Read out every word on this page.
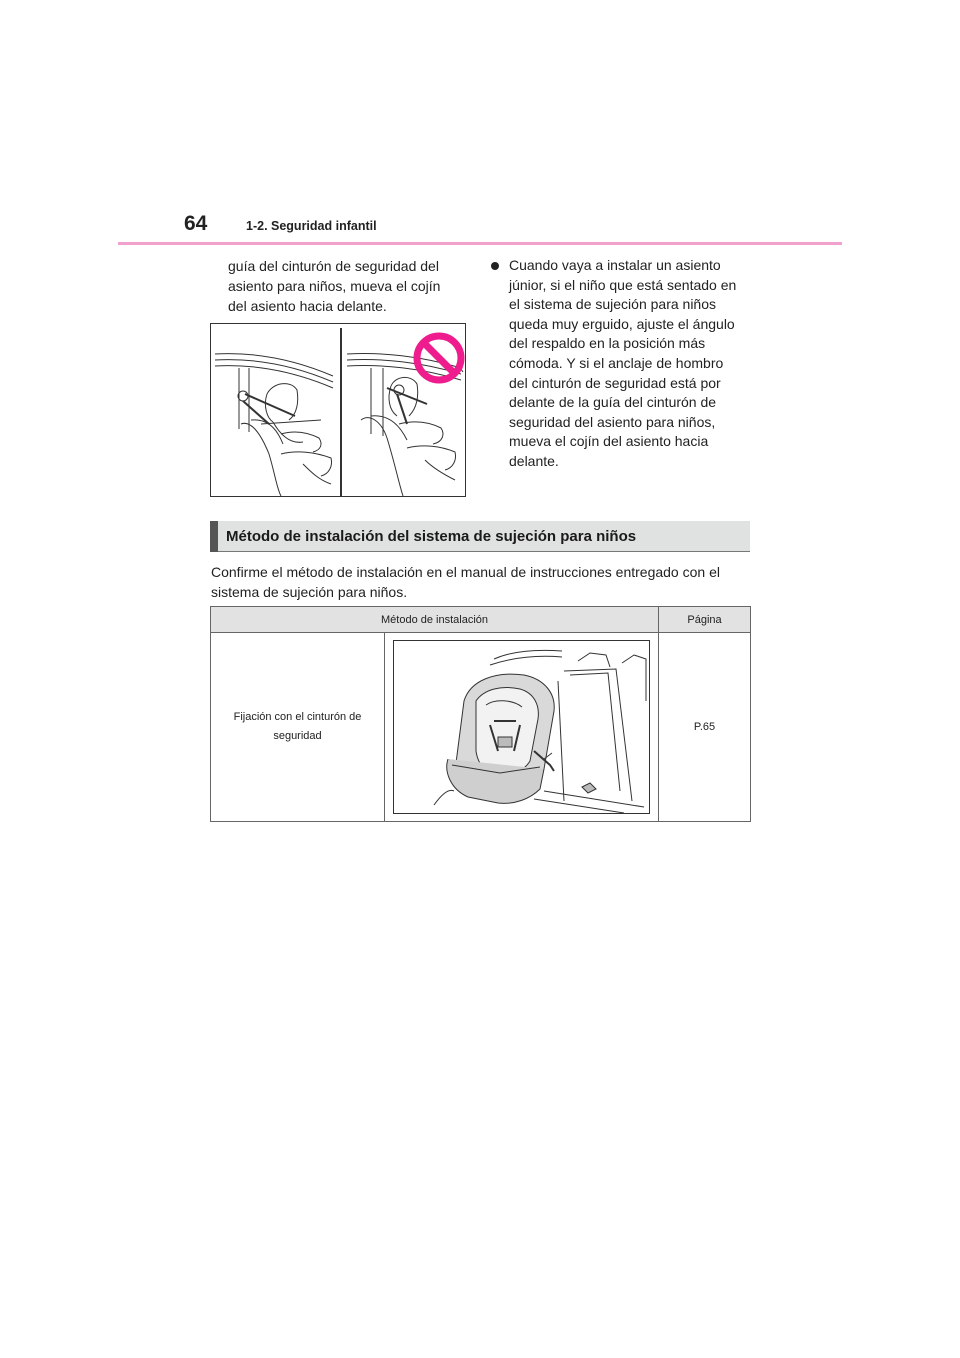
64	1-2. Seguridad infantil

guía del cinturón de seguridad del

asiento para niños, mueva el cojín

del asiento hacia delante.

Cuando vaya a instalar un asiento

júnior, si el niño que está sentado en

el sistema de sujeción para niños

queda muy erguido, ajuste el ángulo

del respaldo en la posición más

cómoda. Y si el anclaje de hombro

del cinturón de seguridad está por

delante de la guía del cinturón de

seguridad del asiento para niños,

mueva el cojín del asiento hacia

delante.

Método de instalación del sistema de sujeción para niños
Confirme el método de instalación en el manual de instrucciones entregado con el
sistema de sujeción para niños.
Método de instalación		Página

Fijación con el cinturón de
seguridad		P.65
